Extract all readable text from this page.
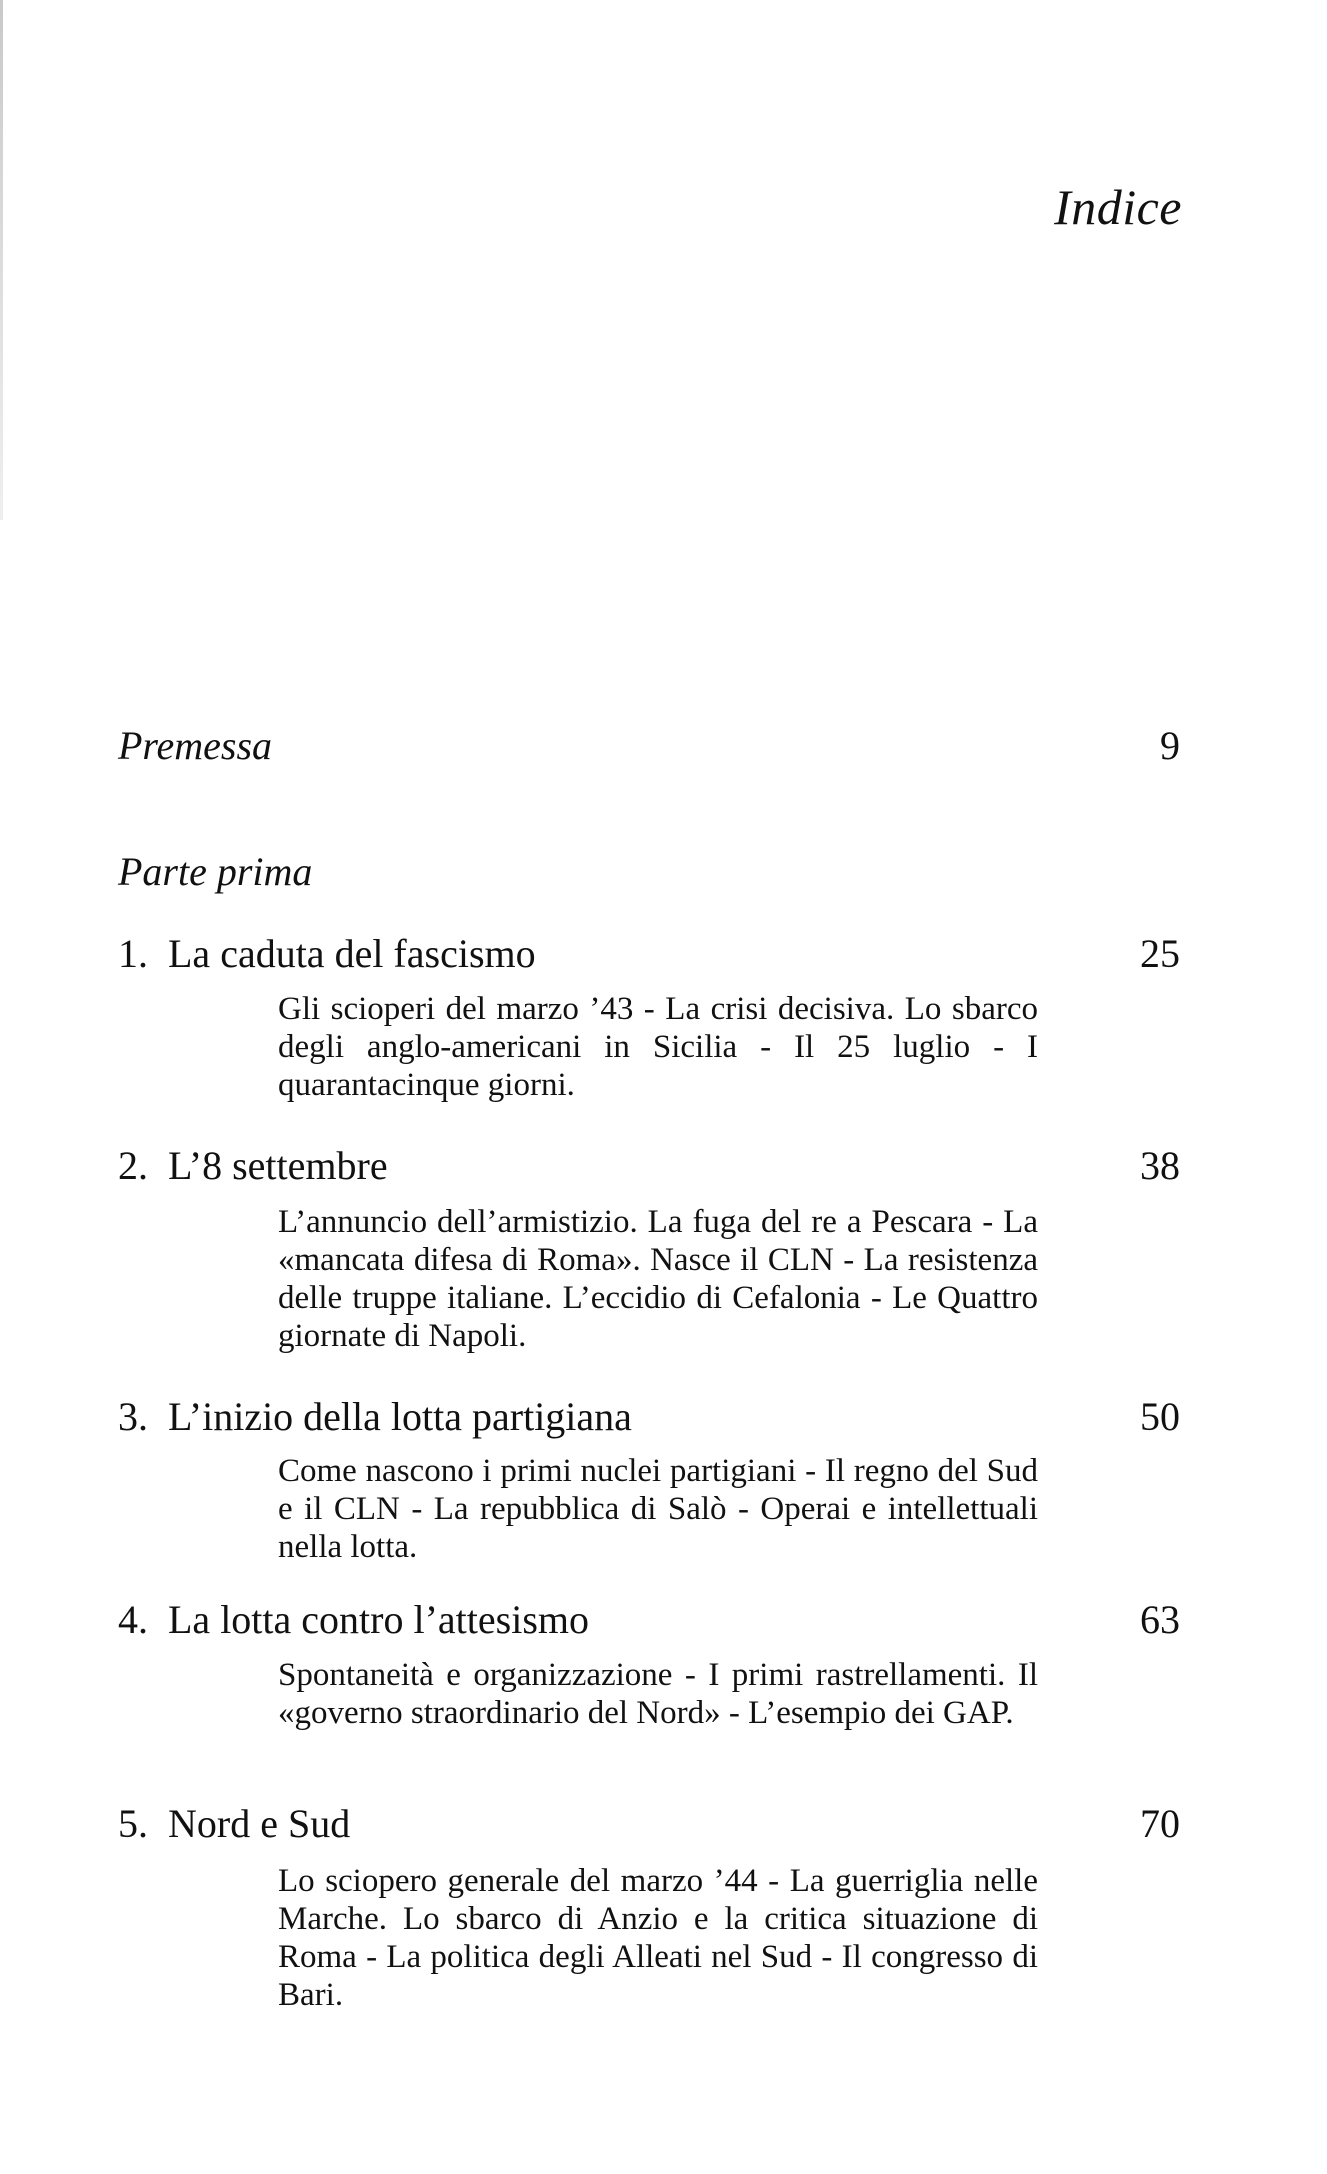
Indice
Premessa	9
Parte prima
1. La caduta del fascismo	25
Gli scioperi del marzo ’43 - La crisi decisiva. Lo sbarco degli anglo-americani in Sicilia - Il 25 luglio - I quarantacinque giorni.
2. L’8 settembre	38
L’annuncio dell’armistizio. La fuga del re a Pescara - La «mancata difesa di Roma». Nasce il CLN - La resistenza delle truppe italiane. L’eccidio di Cefalonia - Le Quattro giornate di Napoli.
3. L’inizio della lotta partigiana	50
Come nascono i primi nuclei partigiani - Il regno del Sud e il CLN - La repubblica di Salò - Operai e intellettuali nella lotta.
4. La lotta contro l’attesismo	63
Spontaneità e organizzazione - I primi rastrellamenti. Il «governo straordinario del Nord» - L’esempio dei GAP.
5. Nord e Sud	70
Lo sciopero generale del marzo ’44 - La guerriglia nelle Marche. Lo sbarco di Anzio e la critica situazione di Roma - La politica degli Alleati nel Sud - Il congresso di Bari.
